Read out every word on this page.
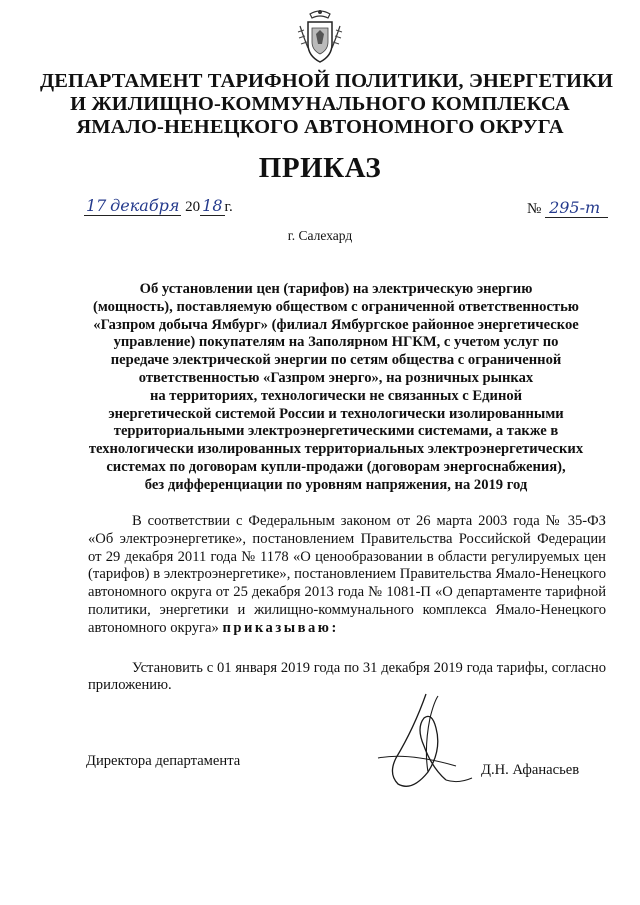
ДЕПАРТАМЕНТ ТАРИФНОЙ ПОЛИТИКИ, ЭНЕРГЕТИКИ
И ЖИЛИЩНО-КОММУНАЛЬНОГО КОМПЛЕКСА
ЯМАЛО-НЕНЕЦКОГО АВТОНОМНОГО ОКРУГА
ПРИКАЗ
17 декабря 20 18 г.	№ 295-т
г. Салехард
Об установлении цен (тарифов) на электрическую энергию
(мощность), поставляемую обществом с ограниченной ответственностью
«Газпром добыча Ямбург» (филиал Ямбургское районное энергетическое
управление) покупателям на Заполярном НГКМ, с учетом услуг по
передаче электрической энергии по сетям общества с ограниченной
ответственностью «Газпром энерго», на розничных рынках
на территориях, технологически не связанных с Единой
энергетической системой России и технологически изолированными
территориальными электроэнергетическими системами, а также в
технологически изолированных территориальных электроэнергетических
системах по договорам купли-продажи (договорам энергоснабжения),
без дифференциации по уровням напряжения, на 2019 год

В соответствии с Федеральным законом от 26 марта 2003 года № 35-ФЗ «Об электроэнергетике», постановлением Правительства Российской Федерации от 29 декабря 2011 года № 1178 «О ценообразовании в области регулируемых цен (тарифов) в электроэнергетике», постановлением Правительства Ямало-Ненецкого автономного округа от 25 декабря 2013 года № 1081-П «О департаменте тарифной политики, энергетики и жилищно-коммунального комплекса Ямало-Ненецкого автономного округа» приказываю:

Установить с 01 января 2019 года по 31 декабря 2019 года тарифы, согласно приложению.

Директора департамента
Д.Н. Афанасьев
